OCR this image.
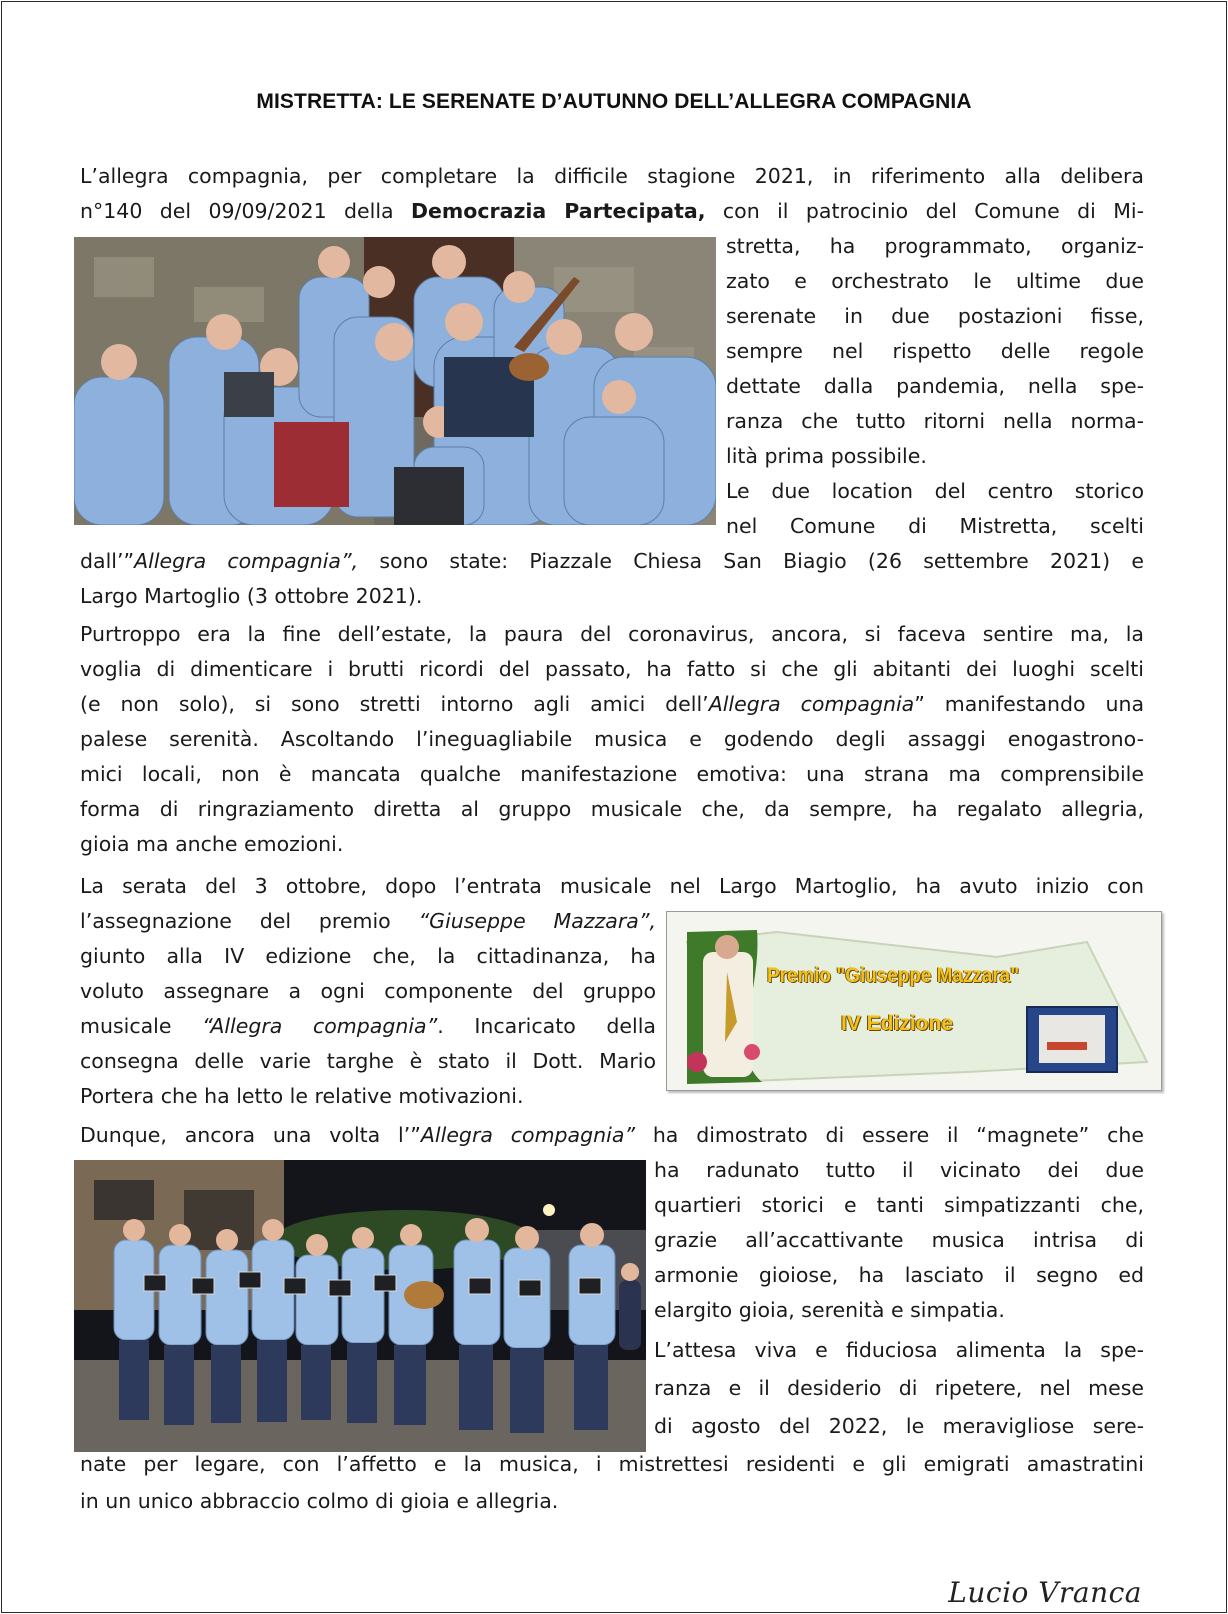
MISTRETTA: LE SERENATE D’AUTUNNO DELL’ALLEGRA COMPAGNIA
L’allegra compagnia, per completare la difficile stagione 2021, in riferimento alla delibera
n°140 del 09/09/2021 della Democrazia Partecipata, con il patrocinio del Comune di Mi-
stretta, ha programmato, organiz-
zato e orchestrato le ultime due
serenate in due postazioni fisse,
sempre nel rispetto delle regole
dettate dalla pandemia, nella spe-
ranza che tutto ritorni nella norma-
lità prima possibile.
Le due location del centro storico
nel Comune di Mistretta, scelti
dall’”Allegra compagnia”, sono state: Piazzale Chiesa San Biagio (26 settembre 2021) e
Largo Martoglio (3 ottobre 2021).
Purtroppo era la fine dell’estate, la paura del coronavirus, ancora, si faceva sentire ma, la
voglia di dimenticare i brutti ricordi del passato, ha fatto si che gli abitanti dei luoghi scelti
(e non solo), si sono stretti intorno agli amici dell’Allegra compagnia” manifestando una
palese serenità. Ascoltando l’ineguagliabile musica e godendo degli assaggi enogastrono-
mici locali, non è mancata qualche manifestazione emotiva: una strana ma comprensibile
forma di ringraziamento diretta al gruppo musicale che, da sempre, ha regalato allegria,
gioia ma anche emozioni.
La serata del 3 ottobre, dopo l’entrata musicale nel Largo Martoglio, ha avuto inizio con
l’assegnazione del premio “Giuseppe Mazzara”,
giunto alla IV edizione che, la cittadinanza, ha
voluto assegnare a ogni componente del gruppo
musicale “Allegra compagnia”. Incaricato della
consegna delle varie targhe è stato il Dott. Mario
Portera che ha letto le relative motivazioni.
Dunque, ancora una volta l’”Allegra compagnia” ha dimostrato di essere il “magnete” che
ha radunato tutto il vicinato dei due
quartieri storici e tanti simpatizzanti che,
grazie all’accattivante musica intrisa di
armonie gioiose, ha lasciato il segno ed
elargito gioia, serenità e simpatia.
L’attesa viva e fiduciosa alimenta la spe-
ranza e il desiderio di ripetere, nel mese
di agosto del 2022, le meravigliose sere-
nate per legare, con l’affetto e la musica, i mistrettesi residenti e gli emigrati amastratini
in un unico abbraccio colmo di gioia e allegria.
Premio "Giuseppe Mazzara"
IV Edizione
Lucio Vranca
